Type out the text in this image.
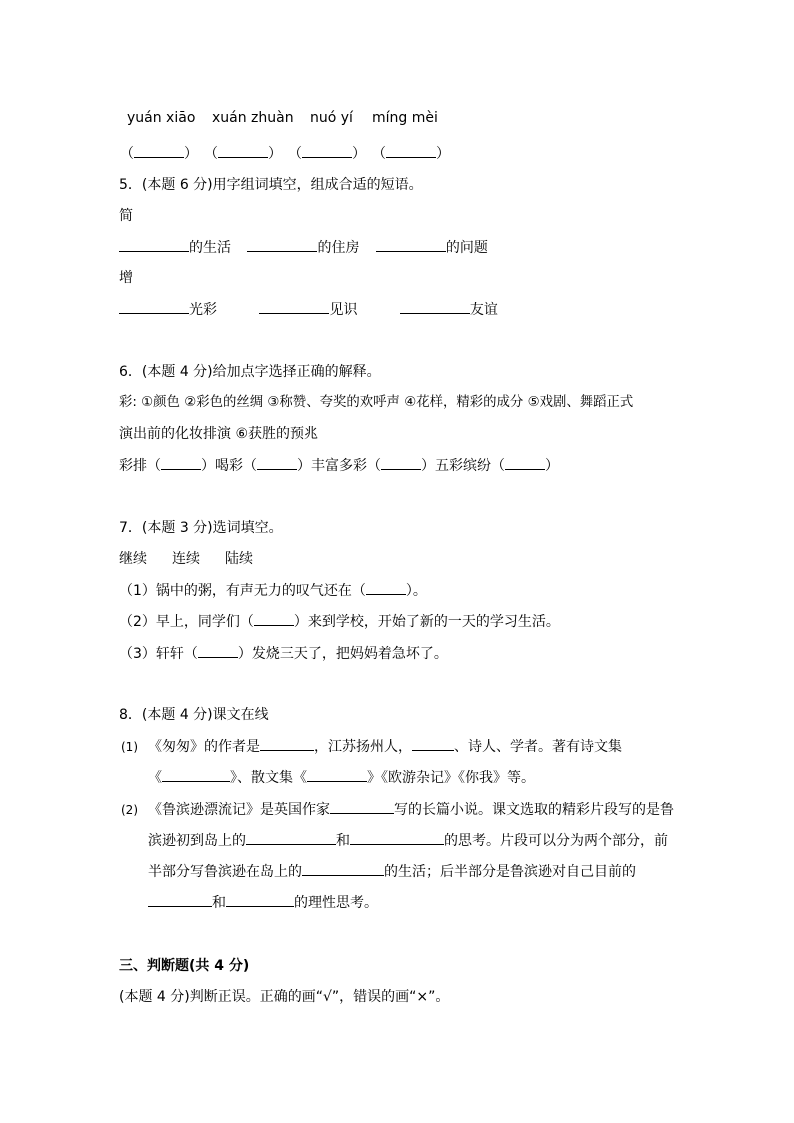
yuán xiāo xuán zhuàn nuó yí míng mèi
（	） （	） （	） （	）
5．(本题 6 分)用字组词填空，组成合适的短语。
简
的生活	的住房	的问题
增
光彩	见识	友谊
6．(本题 4 分)给加点字选择正确的解释。
彩: ①颜色 ②彩色的丝绸 ③称赞、夸奖的欢呼声 ④花样，精彩的成分 ⑤戏剧、舞蹈正式
演出前的化妆排演 ⑥获胜的预兆
彩排（	）喝彩（	）丰富多彩（	）五彩缤纷（	）
7．(本题 3 分)选词填空。
继续 连续 陆续
（1）锅中的粥，有声无力的叹气还在（	）。
（2）早上，同学们（	）来到学校，开始了新的一天的学习生活。
（3）轩轩（	）发烧三天了，把妈妈着急坏了。
8．(本题 4 分)课文在线
(1) 《匆匆》的作者是	，江苏扬州人，	、诗人、学者。著有诗文集
《	》、散文集《	》《欧游杂记》《你我》等。
(2) 《鲁滨逊漂流记》是英国作家	写的长篇小说。课文选取的精彩片段写的是鲁
滨逊初到岛上的	和	的思考。片段可以分为两个部分，前
半部分写鲁滨逊在岛上的	的生活；后半部分是鲁滨逊对自己目前的
和	的理性思考。
三、判断题(共 4 分)
(本题 4 分)判断正误。正确的画“√”，错误的画“×”。
